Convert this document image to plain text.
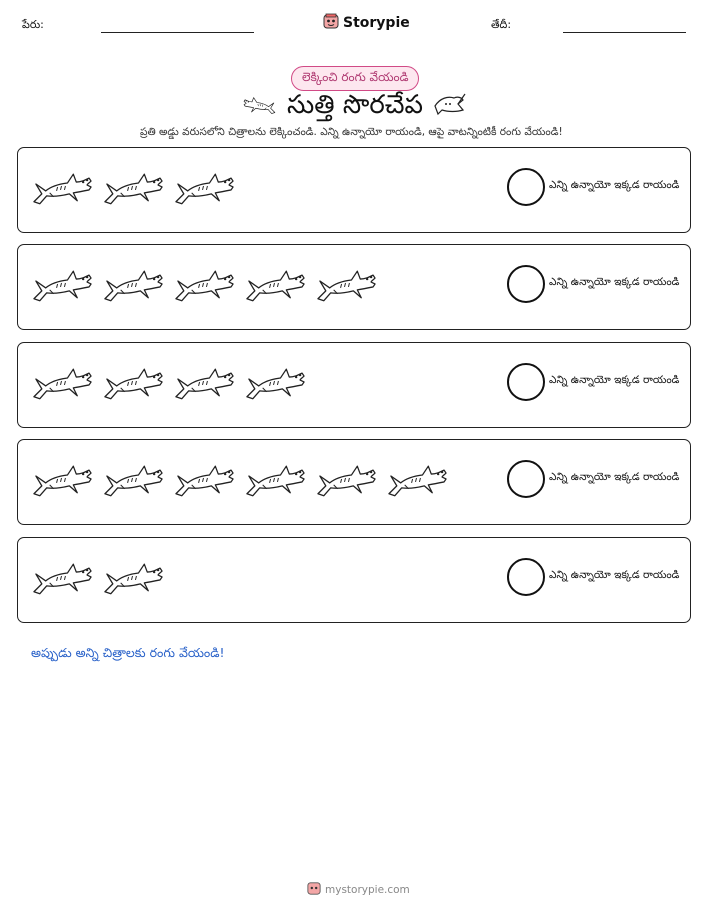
పేరు:	Storypie	తేదీ:
లెక్కించి రంగు వేయండి
సుత్తి సొరచేప
ప్రతి అడ్డు వరుసలోని చిత్రాలను లెక్కించండి. ఎన్ని ఉన్నాయో రాయండి, ఆపై వాటన్నింటికీ రంగు వేయండి!
ఎన్ని ఉన్నాయో ఇక్కడ రాయండి
ఎన్ని ఉన్నాయో ఇక్కడ రాయండి
ఎన్ని ఉన్నాయో ఇక్కడ రాయండి
ఎన్ని ఉన్నాయో ఇక్కడ రాయండి
ఎన్ని ఉన్నాయో ఇక్కడ రాయండి
అప్పుడు అన్ని చిత్రాలకు రంగు వేయండి!
mystorypie.com
